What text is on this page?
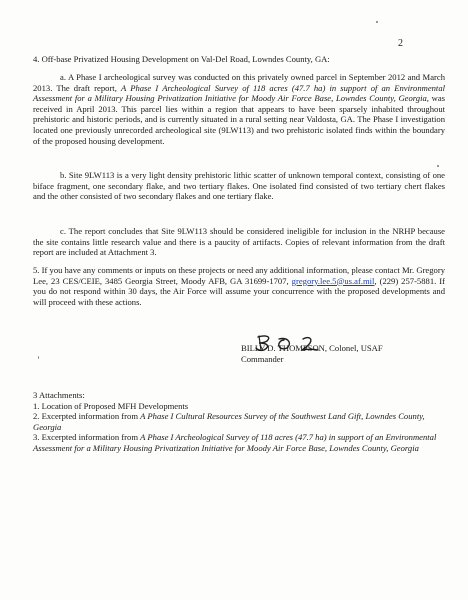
2

4. Off-base Privatized Housing Development on Val-Del Road, Lowndes County, GA:

a. A Phase I archeological survey was conducted on this privately owned parcel in September 2012 and March 2013. The draft report, A Phase I Archeological Survey of 118 acres (47.7 ha) in support of an Environmental Assessment for a Military Housing Privatization Initiative for Moody Air Force Base, Lowndes County, Georgia, was received in April 2013. This parcel lies within a region that appears to have been sparsely inhabited throughout prehistoric and historic periods, and is currently situated in a rural setting near Valdosta, GA. The Phase I investigation located one previously unrecorded archeological site (9LW113) and two prehistoric isolated finds within the boundary of the proposed housing development.

b. Site 9LW113 is a very light density prehistoric lithic scatter of unknown temporal context, consisting of one biface fragment, one secondary flake, and two tertiary flakes. One isolated find consisted of two tertiary chert flakes and the other consisted of two secondary flakes and one tertiary flake.

c. The report concludes that Site 9LW113 should be considered ineligible for inclusion in the NRHP because the site contains little research value and there is a paucity of artifacts. Copies of relevant information from the draft report are included at Attachment 3.

5. If you have any comments or inputs on these projects or need any additional information, please contact Mr. Gregory Lee, 23 CES/CEIE, 3485 Georgia Street, Moody AFB, GA 31699-1707, gregory.lee.5@us.af.mil, (229) 257-5881. If you do not respond within 30 days, the Air Force will assume your concurrence with the proposed developments and will proceed with these actions.

BILLY D. THOMPSON, Colonel, USAF
Commander

3 Attachments:

1. Location of Proposed MFH Developments

2. Excerpted information from A Phase I Cultural Resources Survey of the Southwest Land Gift, Lowndes County, Georgia

3. Excerpted information from A Phase I Archeological Survey of 118 acres (47.7 ha) in support of an Environmental Assessment for a Military Housing Privatization Initiative for Moody Air Force Base, Lowndes County, Georgia
